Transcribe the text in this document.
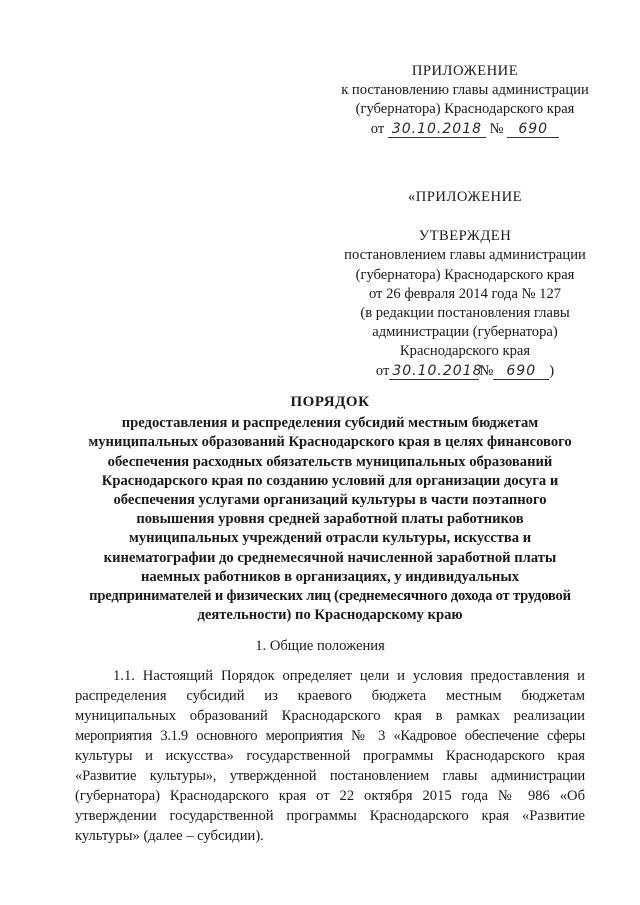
ПРИЛОЖЕНИЕ
к постановлению главы администрации
(губернатора) Краснодарского края
от 30.10.2018 № 690
«ПРИЛОЖЕНИЕ
УТВЕРЖДЕН
постановлением главы администрации
(губернатора) Краснодарского края
от 26 февраля 2014 года № 127
(в редакции постановления главы
администрации (губернатора)
Краснодарского края
от 30.10.2018№ 690 )
ПОРЯДОК
предоставления и распределения субсидий местным бюджетам
муниципальных образований Краснодарского края в целях финансового
обеспечения расходных обязательств муниципальных образований
Краснодарского края по созданию условий для организации досуга и
обеспечения услугами организаций культуры в части поэтапного
повышения уровня средней заработной платы работников
муниципальных учреждений отрасли культуры, искусства и
кинематографии до среднемесячной начисленной заработной платы
наемных работников в организациях, у индивидуальных
предпринимателей и физических лиц (среднемесячного дохода от трудовой
деятельности) по Краснодарскому краю
1. Общие положения
1.1. Настоящий Порядок определяет цели и условия предоставления и
распределения субсидий из краевого бюджета местным бюджетам
муниципальных образований Краснодарского края в рамках реализации
мероприятия 3.1.9 основного мероприятия № 3 «Кадровое обеспечение сферы
культуры и искусства» государственной программы Краснодарского края
«Развитие культуры», утвержденной постановлением главы администрации
(губернатора) Краснодарского края от 22 октября 2015 года № 986 «Об
утверждении государственной программы Краснодарского края «Развитие
культуры» (далее – субсидии).
